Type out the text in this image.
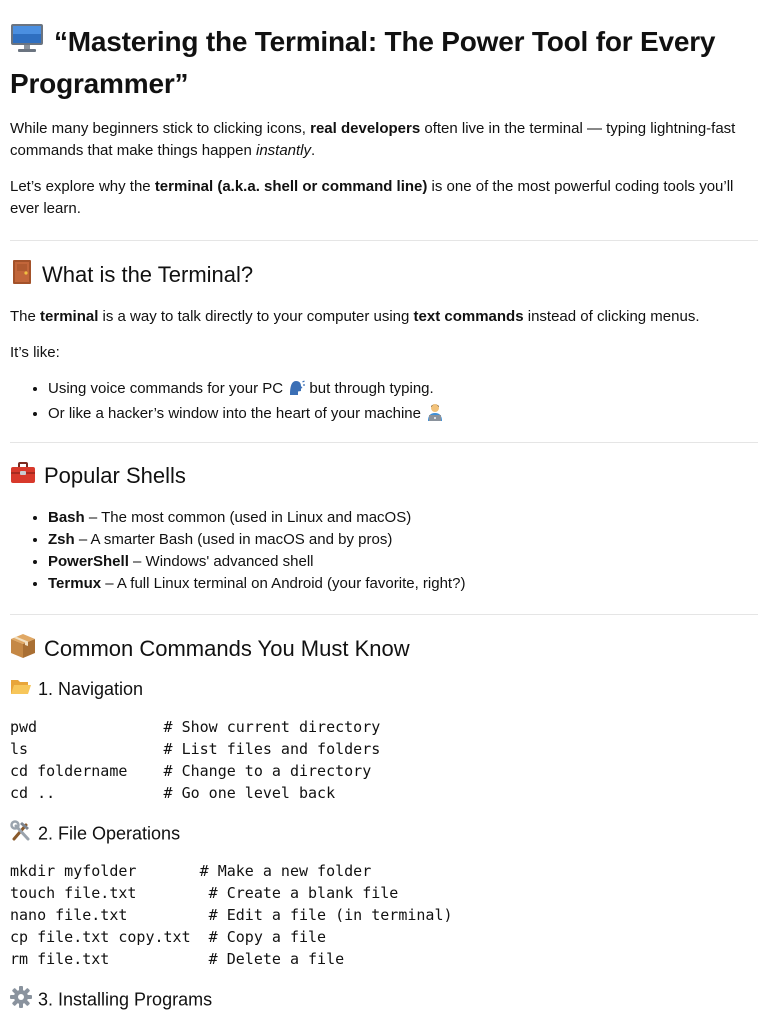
“Mastering the Terminal: The Power Tool for Every Programmer”

While many beginners stick to clicking icons, real developers often live in the terminal — typing lightning-fast commands that make things happen instantly.

Let’s explore why the terminal (a.k.a. shell or command line) is one of the most powerful coding tools you’ll ever learn.

What is the Terminal?

The terminal is a way to talk directly to your computer using text commands instead of clicking menus.

It’s like:

• Using voice commands for your PC  but through typing.
• Or like a hacker’s window into the heart of your machine
Popular Shells
• Bash – The most common (used in Linux and macOS)
• Zsh – A smarter Bash (used in macOS and by pros)
• PowerShell – Windows' advanced shell
• Termux – A full Linux terminal on Android (your favorite, right?)
Common Commands You Must Know
1. Navigation
pwd              # Show current directory
ls               # List files and folders
cd foldername    # Change to a directory
cd ..            # Go one level back
2. File Operations
mkdir myfolder       # Make a new folder
touch file.txt        # Create a blank file
nano file.txt         # Edit a file (in terminal)
cp file.txt copy.txt  # Copy a file
rm file.txt           # Delete a file
3. Installing Programs
